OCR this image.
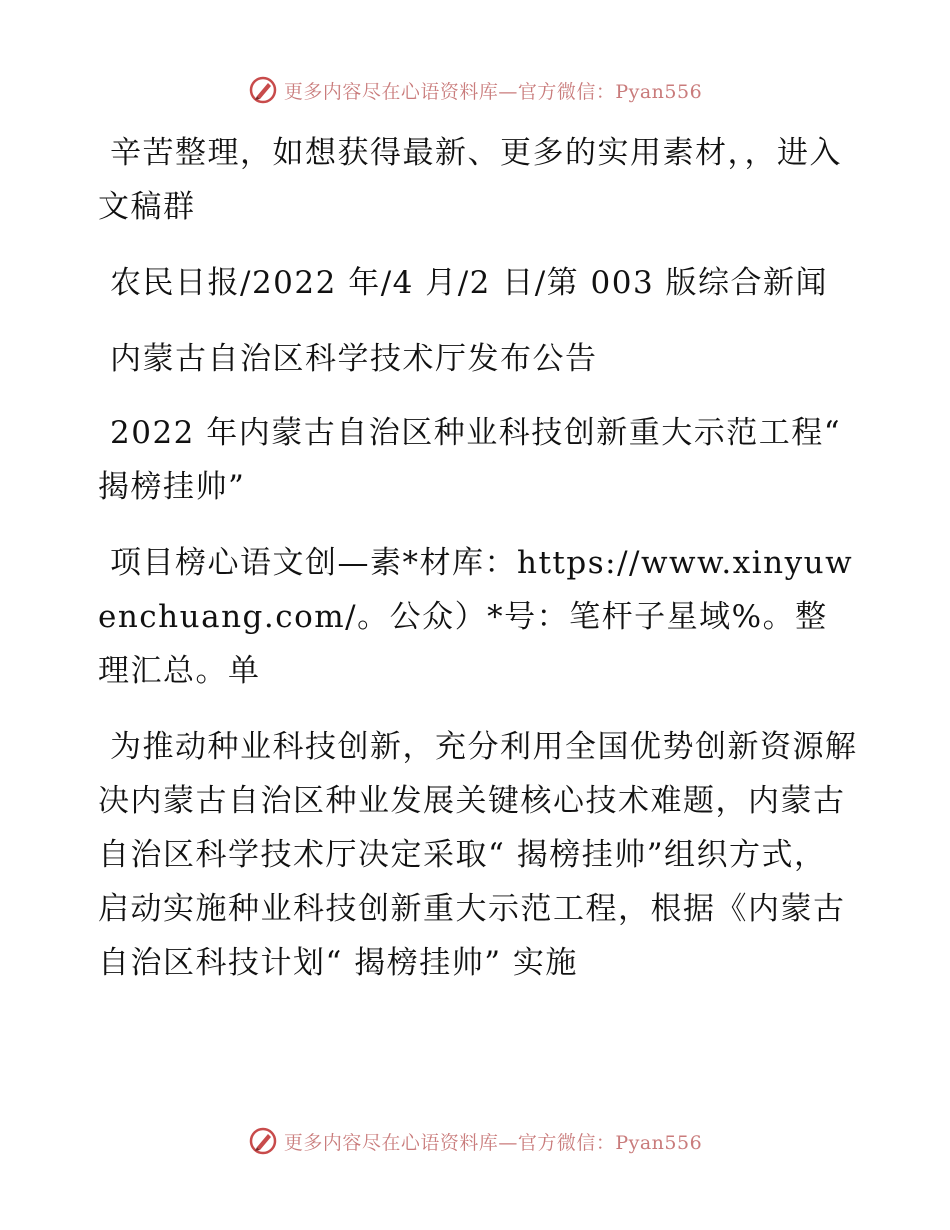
更多内容尽在心语资料库—官方微信：Pyan556

辛苦整理，如想获得最新、更多的实用素材，，进入文稿群

农民日报/2022 年/4 月/2 日/第 003 版综合新闻

内蒙古自治区科学技术厅发布公告

2022 年内蒙古自治区种业科技创新重大示范工程“ 揭榜挂帅”

项目榜心语文创—素*材库：https://www.xinyuwenchuang.com/。公众）*号：笔杆子星域%。整理汇总。单

为推动种业科技创新，充分利用全国优势创新资源解决内蒙古自治区种业发展关键核心技术难题，内蒙古自治区科学技术厅决定采取“ 揭榜挂帅”组织方式，启动实施种业科技创新重大示范工程，根据《内蒙古自治区科技计划“ 揭榜挂帅” 实施

更多内容尽在心语资料库—官方微信：Pyan556
